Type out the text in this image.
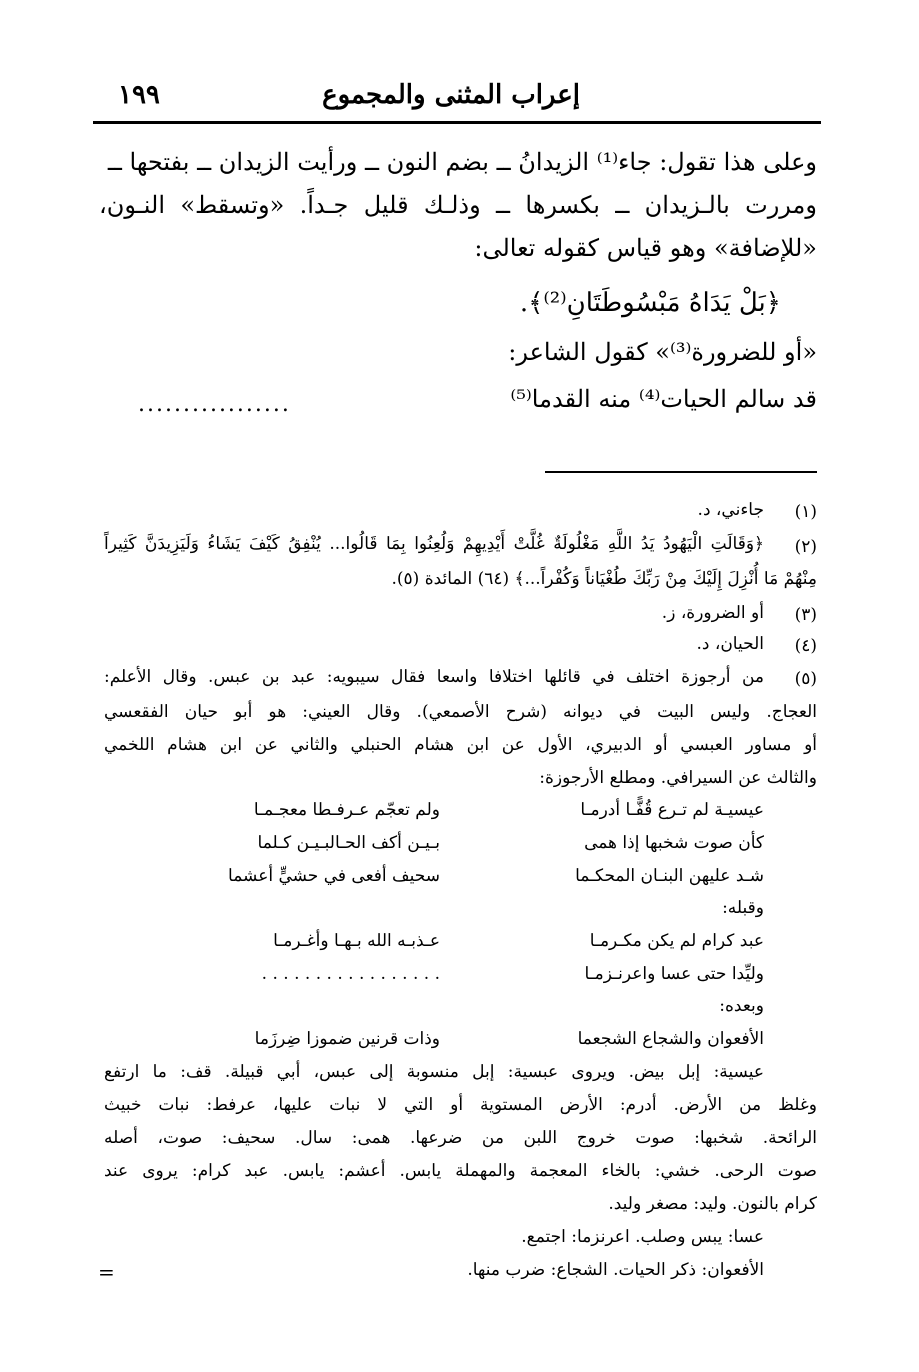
١٩٩	إعراب المثنى والمجموع
وعلى هذا تقول: جاء⁽¹⁾ الزيدانُ ــ بضم النون ــ ورأيت الزيدان ــ بفتحها ــ
ومررت بالـزيدان ــ بكسرها ــ وذلـك قليل جـداً. «وتسقط» النـون،
«للإضافة» وهو قياس كقوله تعالى:
﴿بَلْ يَدَاهُ مَبْسُوطَتَانِ⁽²⁾﴾.
«أو للضرورة⁽³⁾» كقول الشاعر:
قد سالم الحيات⁽⁴⁾ منه القدما⁽⁵⁾
.................
(١)
جاءني، د.
(٢)
﴿وَقَالَتِ الْيَهُودُ يَدُ اللَّهِ مَغْلُولَةٌ غُلَّتْ أَيْدِيهِمْ وَلُعِنُوا بِمَا قَالُوا... يُنْفِقُ كَيْفَ يَشَاءُ وَلَيَزِيدَنَّ كَثِيراً
مِنْهُمْ مَا أُنْزِلَ إِلَيْكَ مِنْ رَبِّكَ طُغْيَاناً وَكُفْراً...﴾ (٦٤) المائدة (٥).
(٣)
أو الضرورة، ز.
(٤)
الحيان، د.
(٥)
من أرجوزة اختلف في قائلها اختلافا واسعا فقال سيبويه: عبد بن عبس. وقال الأعلم:
العجاج. وليس البيت في ديوانه (شرح الأصمعي). وقال العيني: هو أبو حيان الفقعسي
أو مساور العبسي أو الدبيري، الأول عن ابن هشام الحنبلي والثاني عن ابن هشام اللخمي
والثالث عن السيرافي. ومطلع الأرجوزة:
عيسيـة لم تـرع قُفًّـا أدرمـا
ولم تعجّم عـرفـطا معجـمـا
كأن صوت شخبها إذا همى
بـيـن أكف الحـالبـيـن كـلما
شـد عليهن البنـان المحكـما
سحيف أفعى في حشيٍّ أعشما
وقبله:
عبد كرام لم يكن مكـرمـا
عـذبـه الله بـهـا وأغـرمـا
وليِّدا حتى عسا واعرنـزمـا
. . . . . . . . . . . . . . . . .
وبعده:
الأفعوان والشجاع الشجعما
وذات قرنين ضموزا ضِرزَما
عيسية: إبل بيض. ويروى عبسية: إبل منسوبة إلى عبس، أبي قبيلة. قف: ما ارتفع
وغلظ من الأرض. أدرم: الأرض المستوية أو التي لا نبات عليها، عرفط: نبات خبيث
الرائحة. شخبها: صوت خروج اللبن من ضرعها. همى: سال. سحيف: صوت، أصله
صوت الرحى. خشي: بالخاء المعجمة والمهملة يابس. أعشم: يابس. عبد كرام: يروى عند
كرام بالنون. وليد: مصغر وليد.
عسا: يبس وصلب. اعرنزما: اجتمع.
الأفعوان: ذكر الحيات. الشجاع: ضرب منها.
=
